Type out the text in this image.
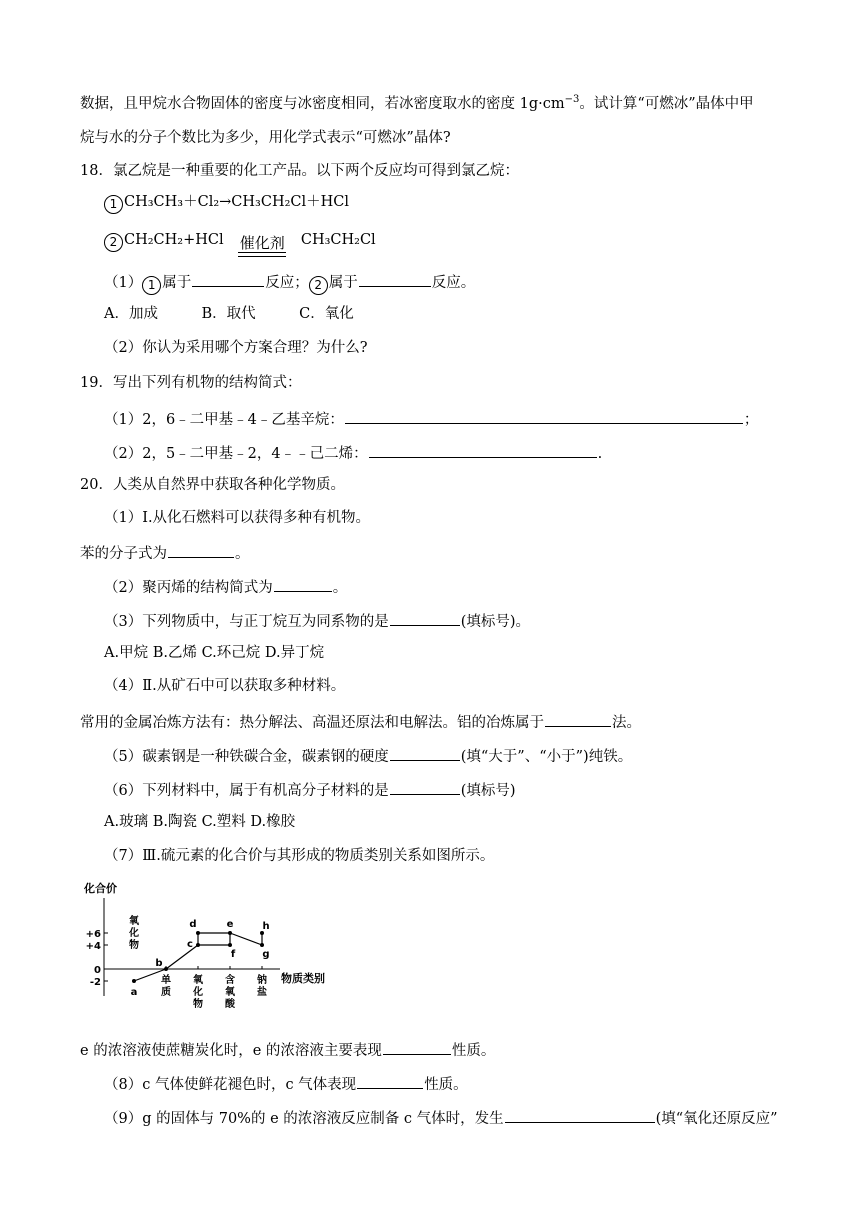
数据，且甲烷水合物固体的密度与冰密度相同，若冰密度取水的密度 $1g\cdot cm^{-3}$。试计算“可燃冰”晶体中甲
烷与水的分子个数比为多少，用化学式表示“可燃冰”晶体?
18．氯乙烷是一种重要的化工产品。以下两个反应均可得到氯乙烷：
1 CH₃CH₃＋Cl₂→CH₃CH₂Cl＋HCl
2 CH₂CH₂+HCl 催化剂 CH₃CH₂Cl
（1） 1 属于	反应； 2 属于	反应。
A．加成　　　B．取代　　　C．氧化
（2）你认为采用哪个方案合理？为什么?
19．写出下列有机物的结构简式：
（1）2，6﹣二甲基﹣4﹣乙基辛烷：	；
（2）2，5﹣二甲基﹣2，4﹣﹣己二烯：	.
20．人类从自然界中获取各种化学物质。
（1）Ⅰ.从化石燃料可以获得多种有机物。
苯的分子式为	。
（2）聚丙烯的结构简式为	。
（3）下列物质中，与正丁烷互为同系物的是	(填标号)。
A.甲烷 B.乙烯 C.环己烷 D.异丁烷
（4）Ⅱ.从矿石中可以获取多种材料。
常用的金属冶炼方法有：热分解法、高温还原法和电解法。铝的冶炼属于	法。
（5）碳素钢是一种铁碳合金，碳素钢的硬度	(填“大于”、“小于”)纯铁。
（6）下列材料中，属于有机高分子材料的是	(填标号)
A.玻璃 B.陶瓷 C.塑料 D.橡胶
（7）Ⅲ.硫元素的化合价与其形成的物质类别关系如图所示。
化合价
物质类别
+6
+4
0
-2
氧
化
物
单
质
氧
化
物
含
氧
酸
钠
盐
a
b
c
d	e
f	g
h
e 的浓溶液使蔗糖炭化时，e 的浓溶液主要表现	性质。
（8）c 气体使鲜花褪色时，c 气体表现	性质。
（9）g 的固体与 70%的 e 的浓溶液反应制备 c 气体时，发生	(填“氧化还原反应”
